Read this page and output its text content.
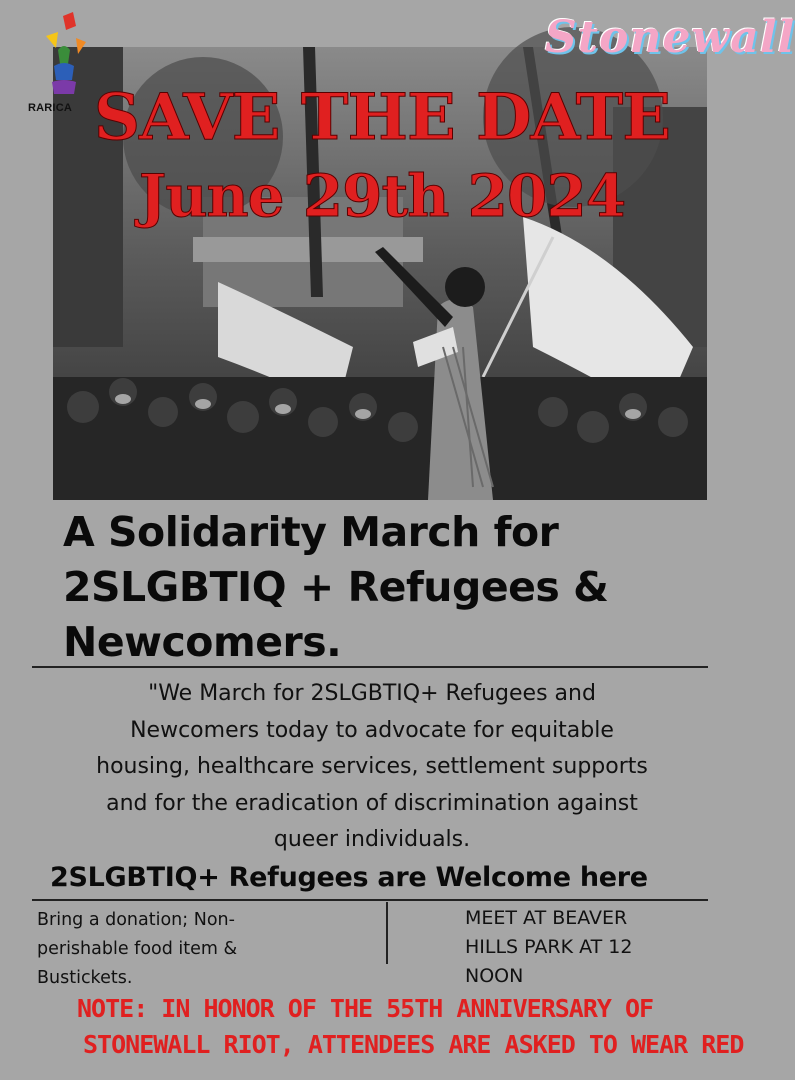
RARICA
Stonewall
SAVE THE DATE
June 29th 2024
A Solidarity March for
2SLGBTIQ + Refugees &
Newcomers.
"We March for 2SLGBTIQ+ Refugees and
Newcomers today to advocate for equitable
housing, healthcare services, settlement supports
and for the eradication of discrimination against
queer individuals.
2SLGBTIQ+ Refugees are Welcome here
Bring a donation; Non-
perishable food item &
Bustickets.
MEET AT BEAVER
HILLS PARK AT 12
NOON
NOTE: IN HONOR OF THE 55TH ANNIVERSARY OF
STONEWALL RIOT, ATTENDEES ARE ASKED TO WEAR RED
